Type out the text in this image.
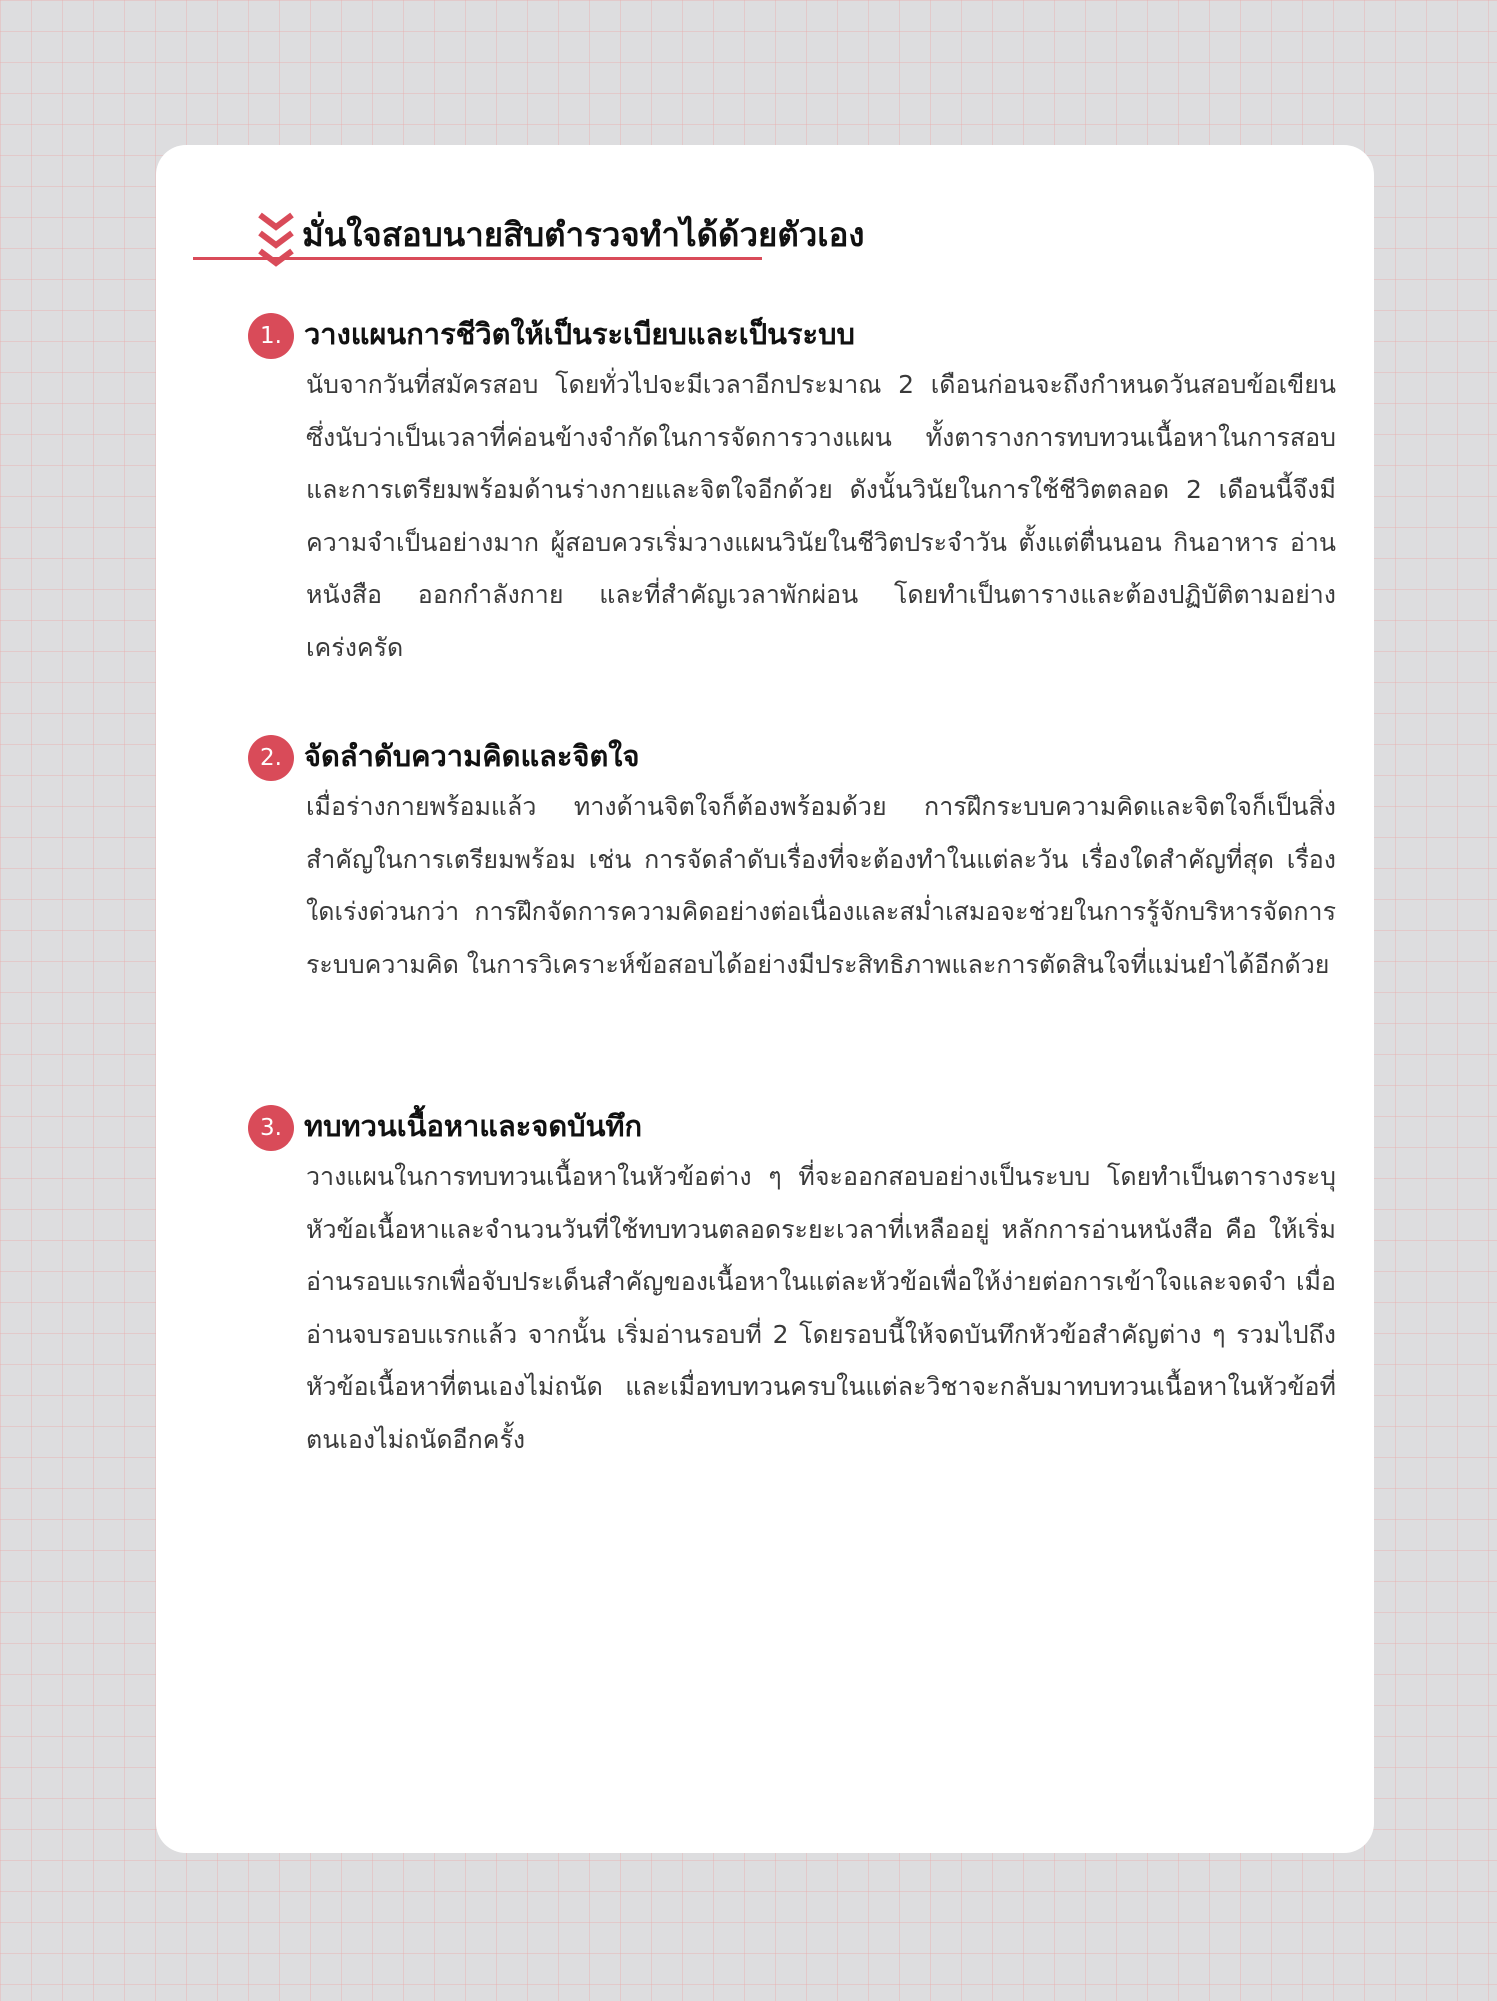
มั่นใจสอบนายสิบตำรวจทำได้ด้วยตัวเอง
1. วางแผนการชีวิตให้เป็นระเบียบและเป็นระบบ
นับจากวันที่สมัครสอบ โดยทั่วไปจะมีเวลาอีกประมาณ 2 เดือนก่อนจะถึงกำหนดวันสอบข้อเขียน ซึ่งนับว่าเป็นเวลาที่ค่อนข้างจำกัดในการจัดการวางแผน ทั้งตารางการทบทวนเนื้อหาในการสอบ และการเตรียมพร้อมด้านร่างกายและจิตใจอีกด้วย ดังนั้นวินัยในการใช้ชีวิตตลอด 2 เดือนนี้จึงมีความจำเป็นอย่างมาก ผู้สอบควรเริ่มวางแผนวินัยในชีวิตประจำวัน ตั้งแต่ตื่นนอน กินอาหาร อ่านหนังสือ ออกกำลังกาย และที่สำคัญเวลาพักผ่อน โดยทำเป็นตารางและต้องปฏิบัติตามอย่างเคร่งครัด
2. จัดลำดับความคิดและจิตใจ
เมื่อร่างกายพร้อมแล้ว ทางด้านจิตใจก็ต้องพร้อมด้วย การฝึกระบบความคิดและจิตใจก็เป็นสิ่งสำคัญในการเตรียมพร้อม เช่น การจัดลำดับเรื่องที่จะต้องทำในแต่ละวัน เรื่องใดสำคัญที่สุด เรื่องใดเร่งด่วนกว่า การฝึกจัดการความคิดอย่างต่อเนื่องและสม่ำเสมอจะช่วยในการรู้จักบริหารจัดการระบบความคิด ในการวิเคราะห์ข้อสอบได้อย่างมีประสิทธิภาพและการตัดสินใจที่แม่นยำได้อีกด้วย
3. ทบทวนเนื้อหาและจดบันทึก
วางแผนในการทบทวนเนื้อหาในหัวข้อต่าง ๆ ที่จะออกสอบอย่างเป็นระบบ โดยทำเป็นตารางระบุหัวข้อเนื้อหาและจำนวนวันที่ใช้ทบทวนตลอดระยะเวลาที่เหลืออยู่ หลักการอ่านหนังสือ คือ ให้เริ่มอ่านรอบแรกเพื่อจับประเด็นสำคัญของเนื้อหาในแต่ละหัวข้อเพื่อให้ง่ายต่อการเข้าใจและจดจำ เมื่ออ่านจบรอบแรกแล้ว จากนั้น เริ่มอ่านรอบที่ 2 โดยรอบนี้ให้จดบันทึกหัวข้อสำคัญต่าง ๆ รวมไปถึงหัวข้อเนื้อหาที่ตนเองไม่ถนัด และเมื่อทบทวนครบในแต่ละวิชาจะกลับมาทบทวนเนื้อหาในหัวข้อที่ตนเองไม่ถนัดอีกครั้ง
